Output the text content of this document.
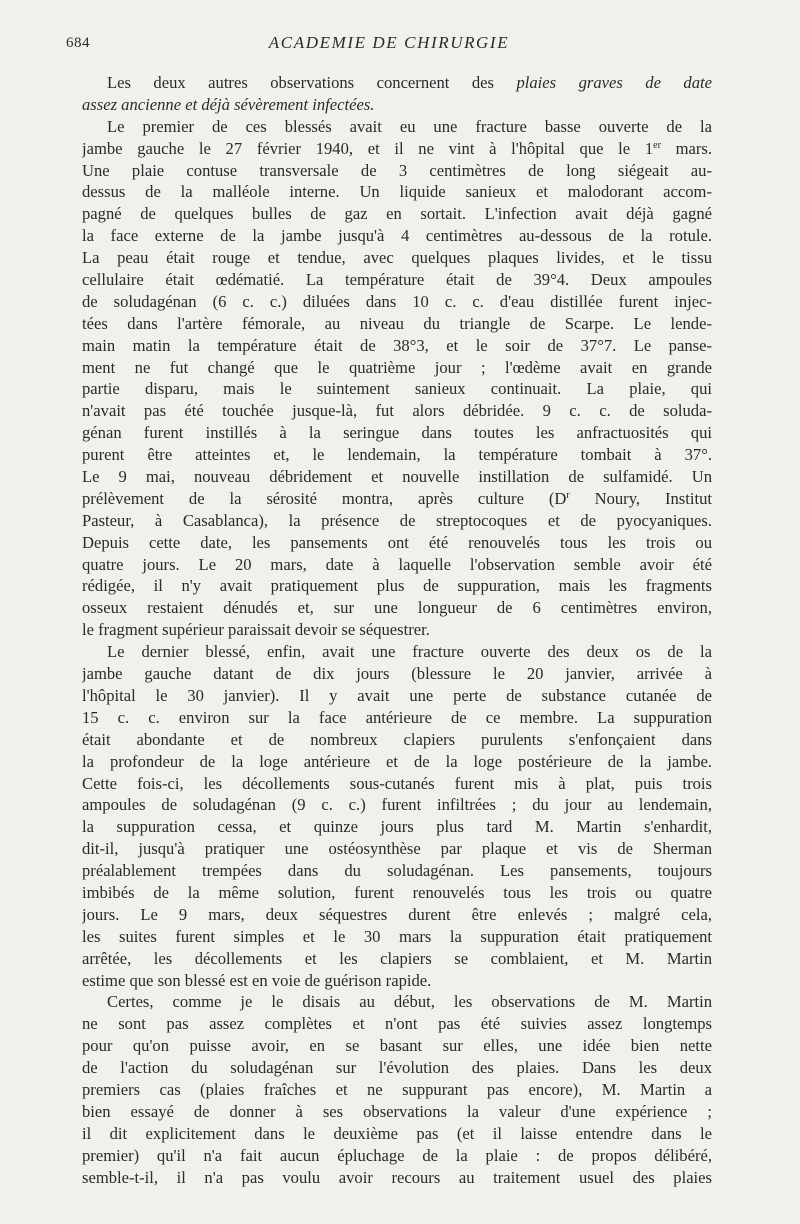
684	ACADEMIE DE CHIRURGIE
Les deux autres observations concernent des plaies graves de date
assez ancienne et déjà sévèrement infectées.
Le premier de ces blessés avait eu une fracture basse ouverte de la
jambe gauche le 27 février 1940, et il ne vint à l'hôpital que le 1er mars.
Une plaie contuse transversale de 3 centimètres de long siégeait au-
dessus de la malléole interne. Un liquide sanieux et malodorant accom-
pagné de quelques bulles de gaz en sortait. L'infection avait déjà gagné
la face externe de la jambe jusqu'à 4 centimètres au-dessous de la rotule.
La peau était rouge et tendue, avec quelques plaques livides, et le tissu
cellulaire était œdématié. La température était de 39°4. Deux ampoules
de soludagénan (6 c. c.) diluées dans 10 c. c. d'eau distillée furent injec-
tées dans l'artère fémorale, au niveau du triangle de Scarpe. Le lende-
main matin la température était de 38°3, et le soir de 37°7. Le panse-
ment ne fut changé que le quatrième jour ; l'œdème avait en grande
partie disparu, mais le suintement sanieux continuait. La plaie, qui
n'avait pas été touchée jusque-là, fut alors débridée. 9 c. c. de soluda-
génan furent instillés à la seringue dans toutes les anfractuosités qui
purent être atteintes et, le lendemain, la température tombait à 37°.
Le 9 mai, nouveau débridement et nouvelle instillation de sulfamidé. Un
prélèvement de la sérosité montra, après culture ($D^r$ Noury, Institut
Pasteur, à Casablanca), la présence de streptocoques et de pyocyaniques.
Depuis cette date, les pansements ont été renouvelés tous les trois ou
quatre jours. Le 20 mars, date à laquelle l'observation semble avoir été
rédigée, il n'y avait pratiquement plus de suppuration, mais les fragments
osseux restaient dénudés et, sur une longueur de 6 centimètres environ,
le fragment supérieur paraissait devoir se séquestrer.
Le dernier blessé, enfin, avait une fracture ouverte des deux os de la
jambe gauche datant de dix jours (blessure le 20 janvier, arrivée à
l'hôpital le 30 janvier). Il y avait une perte de substance cutanée de
15 c. c. environ sur la face antérieure de ce membre. La suppuration
était abondante et de nombreux clapiers purulents s'enfonçaient dans
la profondeur de la loge antérieure et de la loge postérieure de la jambe.
Cette fois-ci, les décollements sous-cutanés furent mis à plat, puis trois
ampoules de soludagénan (9 c. c.) furent infiltrées ; du jour au lendemain,
la suppuration cessa, et quinze jours plus tard M. Martin s'enhardit,
dit-il, jusqu'à pratiquer une ostéosynthèse par plaque et vis de Sherman
préalablement trempées dans du soludagénan. Les pansements, toujours
imbibés de la même solution, furent renouvelés tous les trois ou quatre
jours. Le 9 mars, deux séquestres durent être enlevés ; malgré cela,
les suites furent simples et le 30 mars la suppuration était pratiquement
arrêtée, les décollements et les clapiers se comblaient, et M. Martin
estime que son blessé est en voie de guérison rapide.
Certes, comme je le disais au début, les observations de M. Martin
ne sont pas assez complètes et n'ont pas été suivies assez longtemps
pour qu'on puisse avoir, en se basant sur elles, une idée bien nette
de l'action du soludagénan sur l'évolution des plaies. Dans les deux
premiers cas (plaies fraîches et ne suppurant pas encore), M. Martin a
bien essayé de donner à ses observations la valeur d'une expérience ;
il dit explicitement dans le deuxième pas (et il laisse entendre dans le
premier) qu'il n'a fait aucun épluchage de la plaie : de propos délibéré,
semble-t-il, il n'a pas voulu avoir recours au traitement usuel des plaies
